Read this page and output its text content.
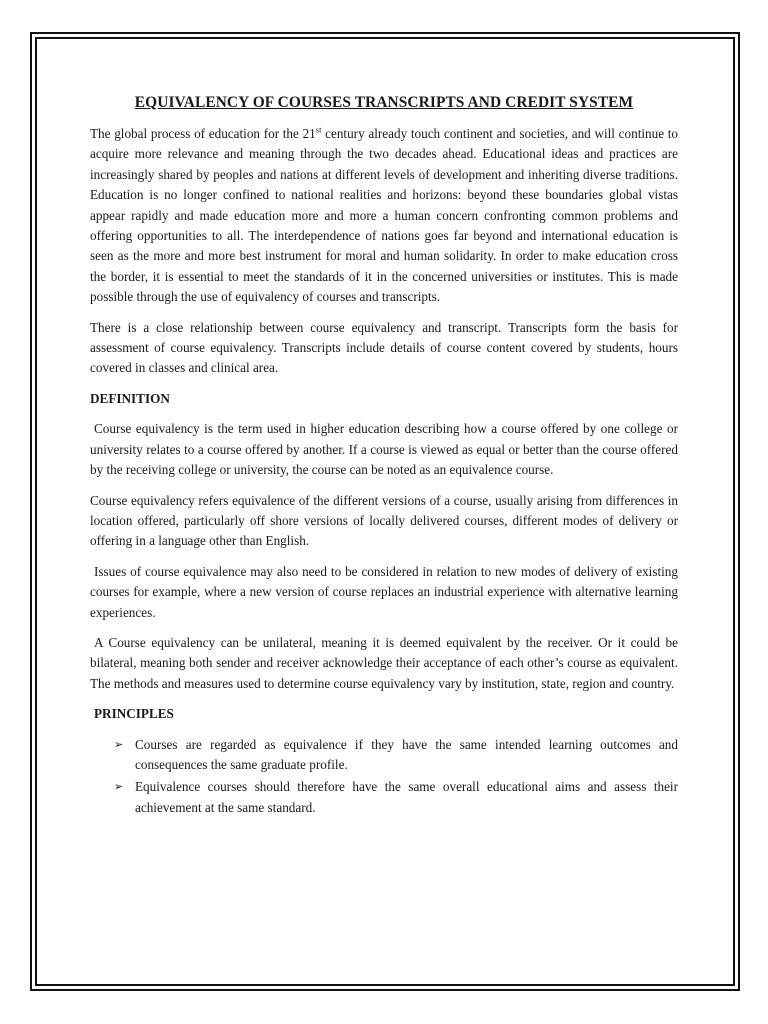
EQUIVALENCY OF COURSES TRANSCRIPTS AND CREDIT SYSTEM

The global process of education for the 21st century already touch continent and societies, and will continue to acquire more relevance and meaning through the two decades ahead. Educational ideas and practices are increasingly shared by peoples and nations at different levels of development and inheriting diverse traditions. Education is no longer confined to national realities and horizons: beyond these boundaries global vistas appear rapidly and made education more and more a human concern confronting common problems and offering opportunities to all. The interdependence of nations goes far beyond and international education is seen as the more and more best instrument for moral and human solidarity. In order to make education cross the border, it is essential to meet the standards of it in the concerned universities or institutes. This is made possible through the use of equivalency of courses and transcripts.

There is a close relationship between course equivalency and transcript. Transcripts form the basis for assessment of course equivalency. Transcripts include details of course content covered by students, hours covered in classes and clinical area.

DEFINITION

Course equivalency is the term used in higher education describing how a course offered by one college or university relates to a course offered by another. If a course is viewed as equal or better than the course offered by the receiving college or university, the course can be noted as an equivalence course.

Course equivalency refers equivalence of the different versions of a course, usually arising from differences in location offered, particularly off shore versions of locally delivered courses, different modes of delivery or offering in a language other than English.

Issues of course equivalence may also need to be considered in relation to new modes of delivery of existing courses for example, where a new version of course replaces an industrial experience with alternative learning experiences.

A Course equivalency can be unilateral, meaning it is deemed equivalent by the receiver. Or it could be bilateral, meaning both sender and receiver acknowledge their acceptance of each other’s course as equivalent. The methods and measures used to determine course equivalency vary by institution, state, region and country.

PRINCIPLES
➢ Courses are regarded as equivalence if they have the same intended learning outcomes and consequences the same graduate profile.
➢ Equivalence courses should therefore have the same overall educational aims and assess their achievement at the same standard.
